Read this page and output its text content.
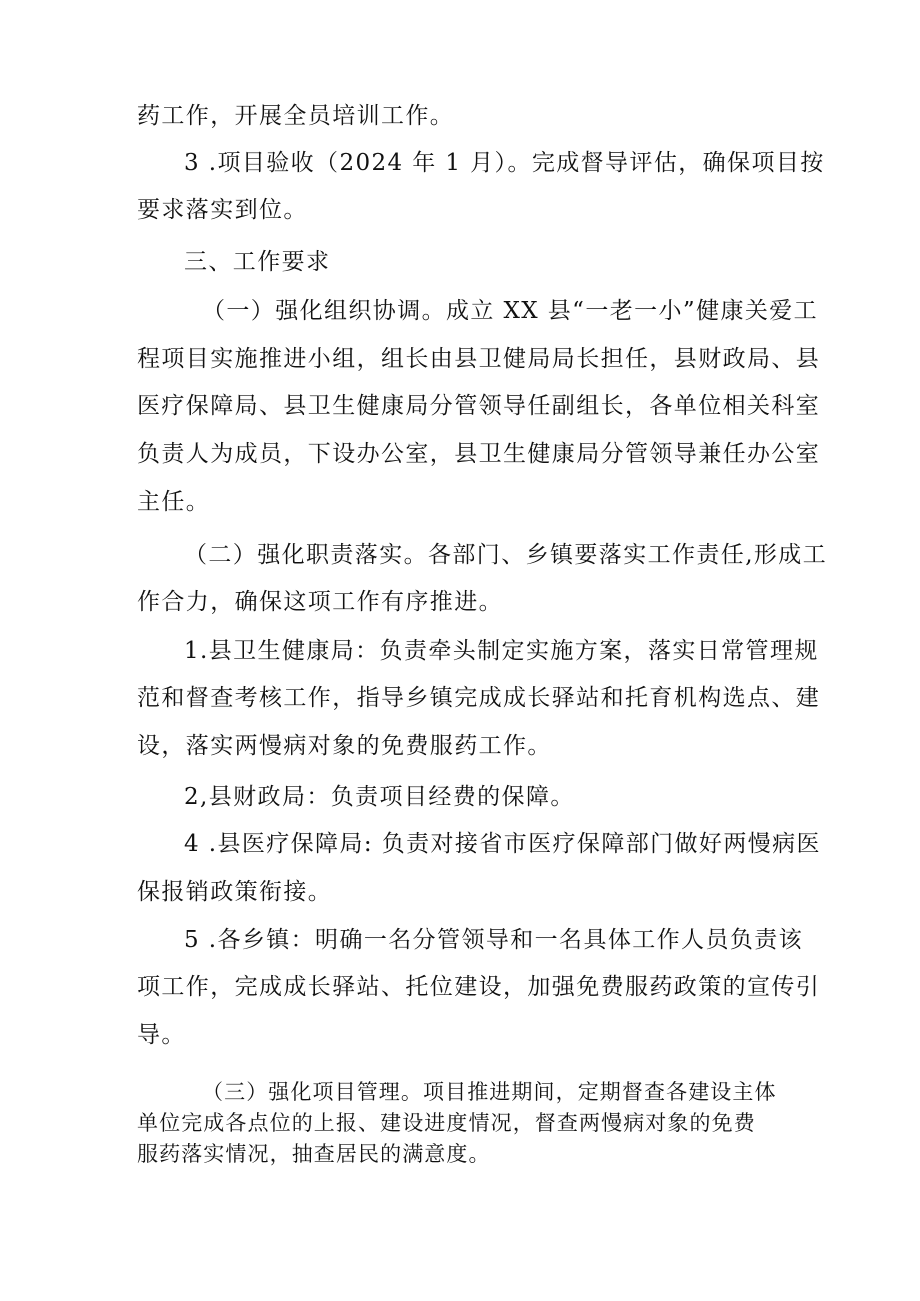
药工作，开展全员培训工作。
3 .项目验收（2024 年 1 月）。完成督导评估，确保项目按
要求落实到位。
三、工作要求
（一）强化组织协调。成立 XX 县“一老一小”健康关爱工
程项目实施推进小组，组长由县卫健局局长担任，县财政局、县
医疗保障局、县卫生健康局分管领导任副组长，各单位相关科室
负责人为成员，下设办公室，县卫生健康局分管领导兼任办公室
主任。
（二）强化职责落实。各部门、乡镇要落实工作责任,形成工
作合力，确保这项工作有序推进。
1.县卫生健康局：负责牵头制定实施方案，落实日常管理规
范和督查考核工作，指导乡镇完成成长驿站和托育机构选点、建
设，落实两慢病对象的免费服药工作。
2,县财政局：负责项目经费的保障。
4 .县医疗保障局: 负责对接省市医疗保障部门做好两慢病医
保报销政策衔接。
5 .各乡镇：明确一名分管领导和一名具体工作人员负责该
项工作，完成成长驿站、托位建设，加强免费服药政策的宣传引
导。
（三）强化项目管理。项目推进期间，定期督查各建设主体
单位完成各点位的上报、建设进度情况，督查两慢病对象的免费
服药落实情况，抽查居民的满意度。
